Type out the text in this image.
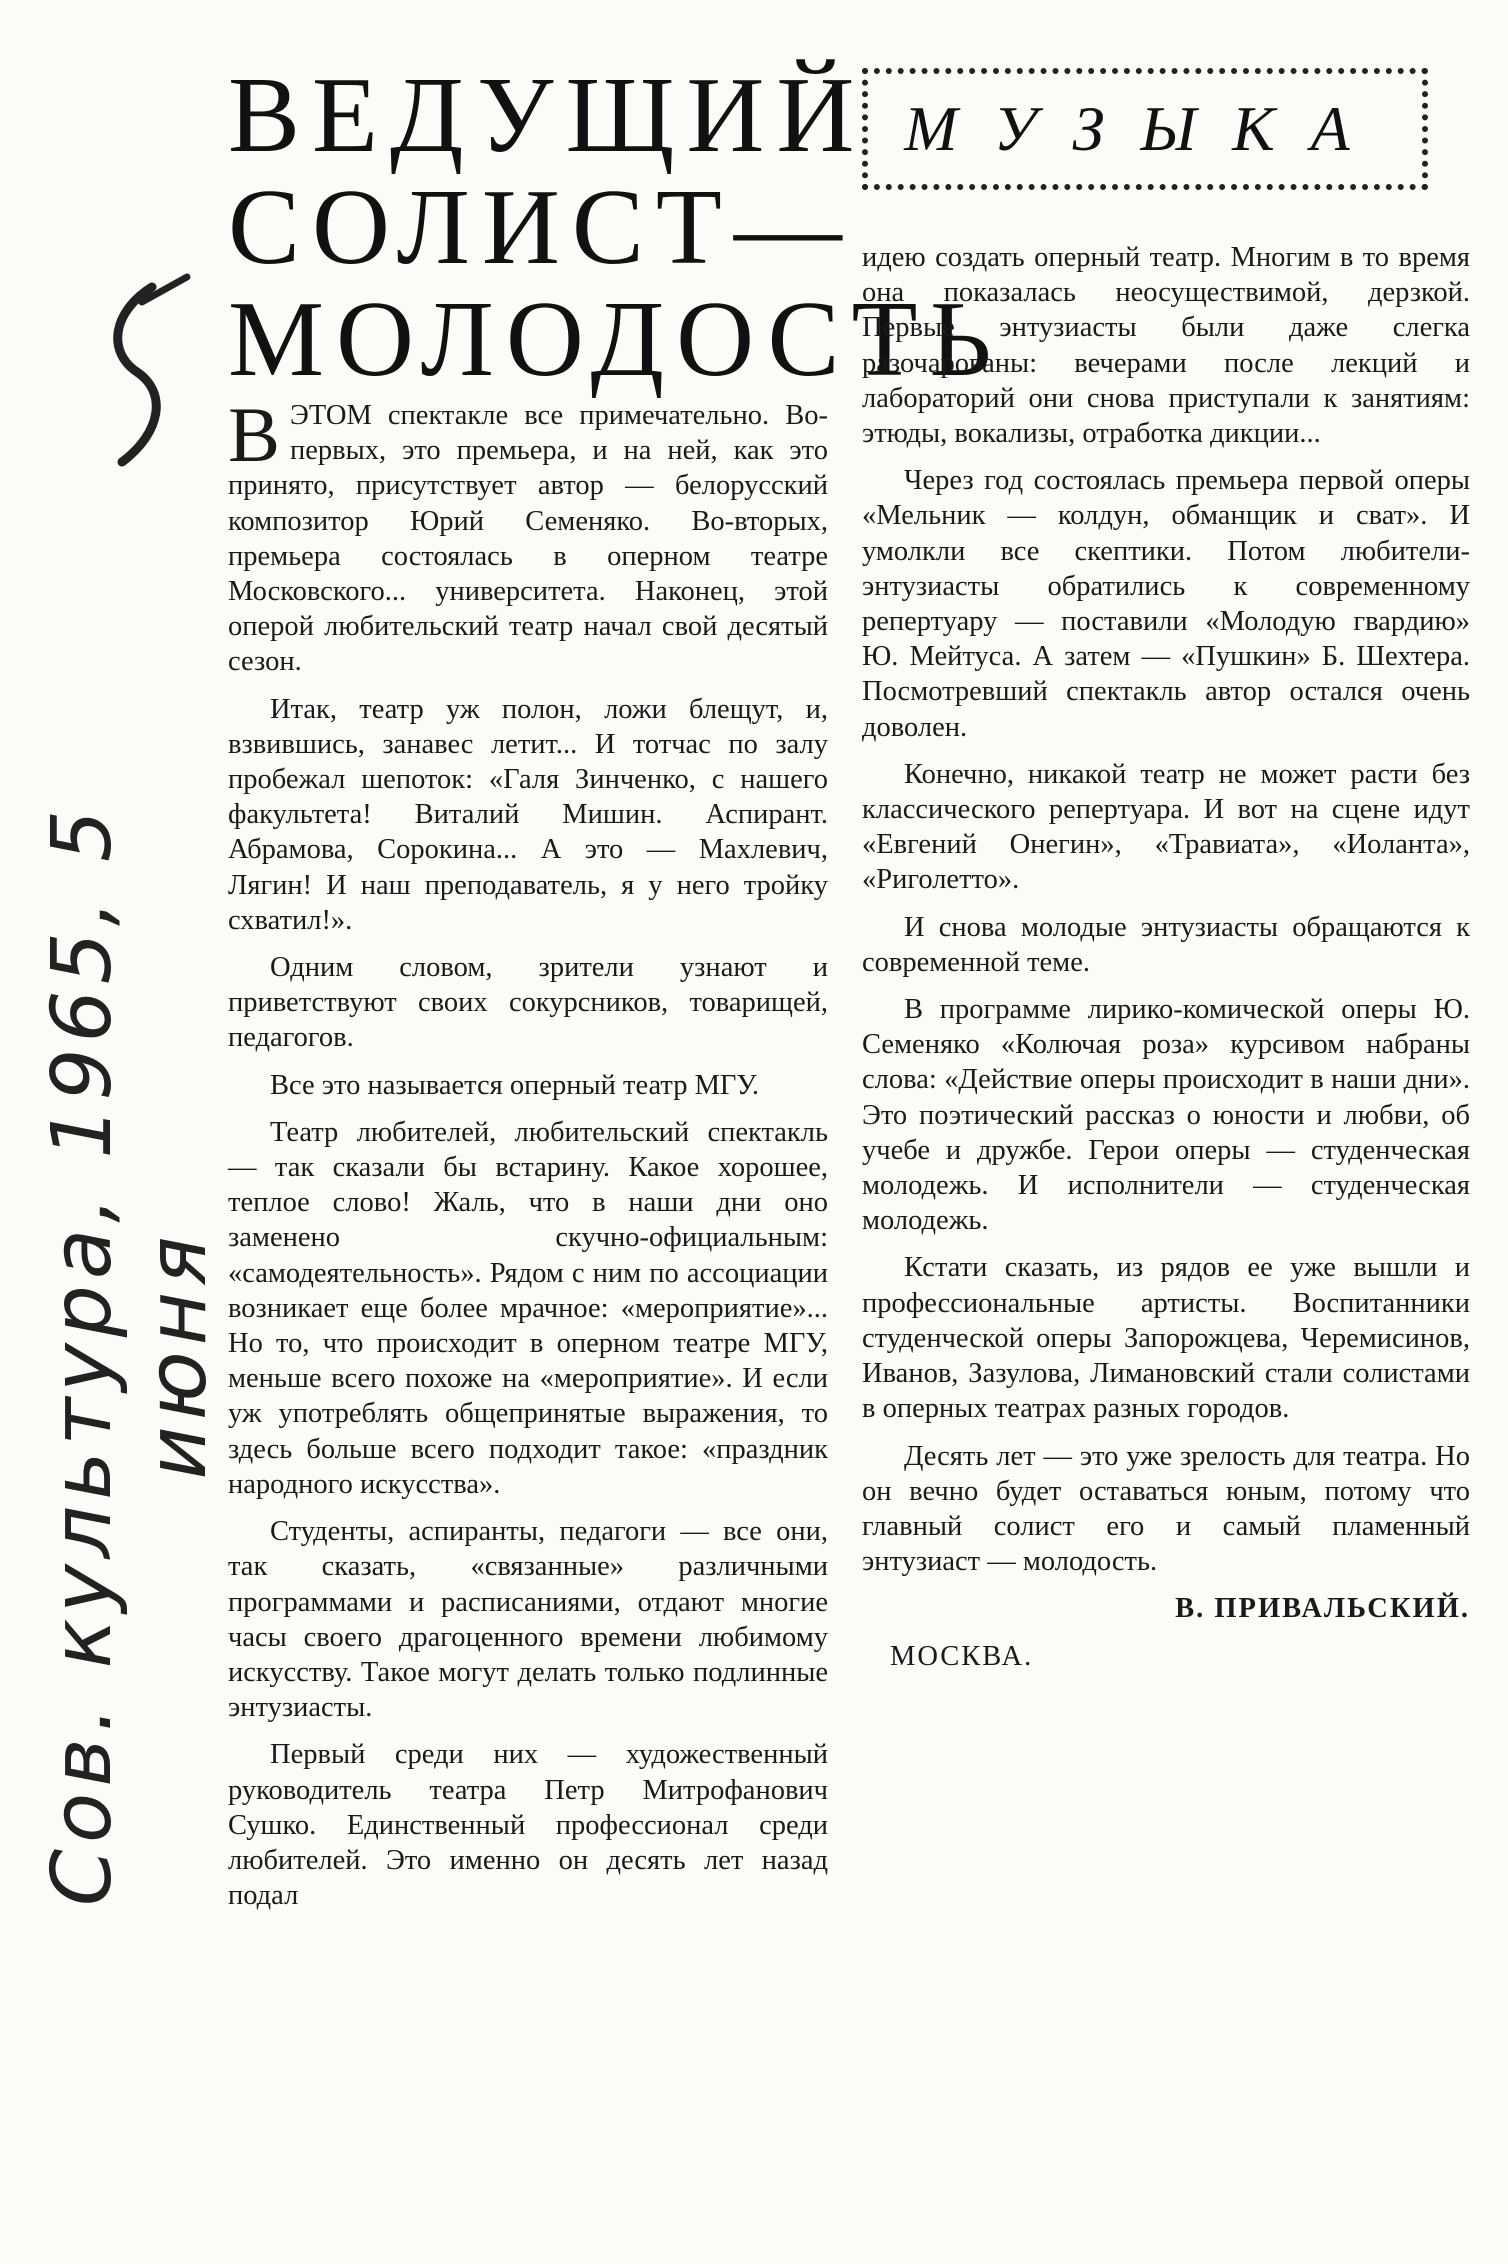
Сов. культура, 1965, 5 июня
ВЕДУЩИЙ
СОЛИСТ—
МОЛОДОСТЬ
МУЗЫКА

ВЭТОМ спектакле все примечательно. Во-первых, это премьера, и на ней, как это принято, присутствует автор — белорусский композитор Юрий Семеняко. Во-вторых, премьера состоялась в оперном театре Московского... университета. Наконец, этой оперой любительский театр начал свой десятый сезон.

Итак, театр уж полон, ложи блещут, и, взвившись, занавес летит... И тотчас по залу пробежал шепоток: «Галя Зинченко, с нашего факультета! Виталий Мишин. Аспирант. Абрамова, Сорокина... А это — Махлевич, Лягин! И наш преподаватель, я у него тройку схватил!».

Одним словом, зрители узнают и приветствуют своих сокурсников, товарищей, педагогов.

Все это называется оперный театр МГУ.

Театр любителей, любительский спектакль — так сказали бы встарину. Какое хорошее, теплое слово! Жаль, что в наши дни оно заменено скучно-официальным: «самодеятельность». Рядом с ним по ассоциации возникает еще более мрачное: «мероприятие»... Но то, что происходит в оперном театре МГУ, меньше всего похоже на «мероприятие». И если уж употреблять общепринятые выражения, то здесь больше всего подходит такое: «праздник народного искусства».

Студенты, аспиранты, педагоги — все они, так сказать, «связанные» различными программами и расписаниями, отдают многие часы своего драгоценного времени любимому искусству. Такое могут делать только подлинные энтузиасты.

Первый среди них — художественный руководитель театра Петр Митрофанович Сушко. Единственный профессионал среди любителей. Это именно он десять лет назад подал

идею создать оперный театр. Многим в то время она показалась неосуществимой, дерзкой. Первые энтузиасты были даже слегка разочарованы: вечерами после лекций и лабораторий они снова приступали к занятиям: этюды, вокализы, отработка дикции...

Через год состоялась премьера первой оперы «Мельник — колдун, обманщик и сват». И умолкли все скептики. Потом любители-энтузиасты обратились к современному репертуару — поставили «Молодую гвардию» Ю. Мейтуса. А затем — «Пушкин» Б. Шехтера. Посмотревший спектакль автор остался очень доволен.

Конечно, никакой театр не может расти без классического репертуара. И вот на сцене идут «Евгений Онегин», «Травиата», «Иоланта», «Риголетто».

И снова молодые энтузиасты обращаются к современной теме.

В программе лирико-комической оперы Ю. Семеняко «Колючая роза» курсивом набраны слова: «Действие оперы происходит в наши дни». Это поэтический рассказ о юности и любви, об учебе и дружбе. Герои оперы — студенческая молодежь. И исполнители — студенческая молодежь.

Кстати сказать, из рядов ее уже вышли и профессиональные артисты. Воспитанники студенческой оперы Запорожцева, Черемисинов, Иванов, Зазулова, Лимановский стали солистами в оперных театрах разных городов.

Десять лет — это уже зрелость для театра. Но он вечно будет оставаться юным, потому что главный солист его и самый пламенный энтузиаст — молодость.

В. ПРИВАЛЬСКИЙ.

МОСКВА.
